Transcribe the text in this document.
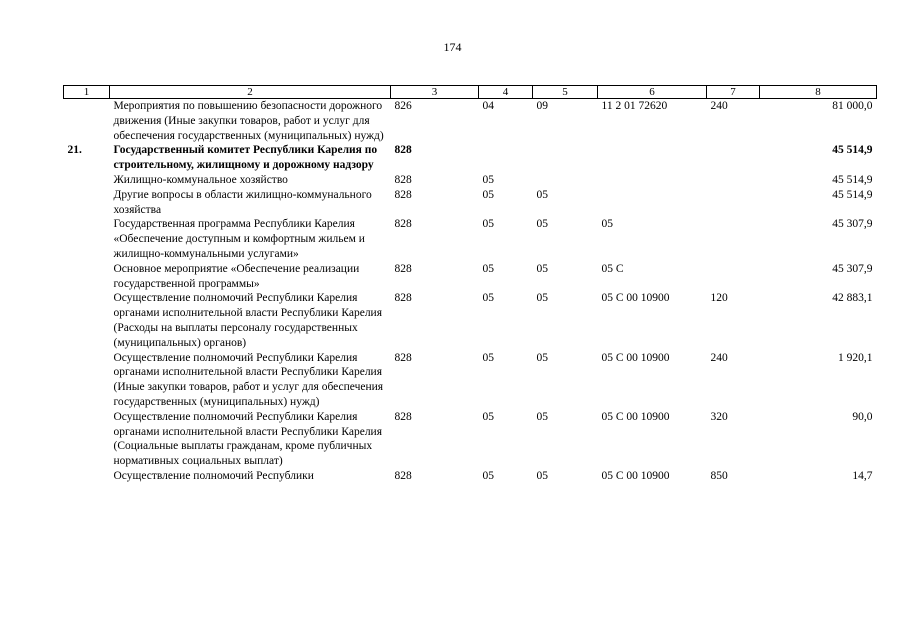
174
1	2	3	4	5	6	7	8
	Мероприятия по повышению безопасности дорожного движения (Иные закупки товаров, работ и услуг для обеспечения государственных (муниципальных) нужд)	826	04	09	11 2 01 72620	240	81 000,0
21.	Государственный комитет Республики Карелия по строительному, жилищному и дорожному надзору	828					45 514,9
	Жилищно-коммунальное хозяйство	828	05				45 514,9
	Другие вопросы в области жилищно-коммунального хозяйства	828	05	05			45 514,9
	Государственная программа Республики Карелия «Обеспечение доступным и комфортным жильем и жилищно-коммунальными услугами»	828	05	05	05		45 307,9
	Основное мероприятие «Обеспечение реализации государственной программы»	828	05	05	05 С		45 307,9
	Осуществление полномочий Республики Карелия органами исполнительной власти Республики Карелия (Расходы на выплаты персоналу государственных (муниципальных) органов)	828	05	05	05 С 00 10900	120	42 883,1
	Осуществление полномочий Республики Карелия органами исполнительной власти Республики Карелия (Иные закупки товаров, работ и услуг для обеспечения государственных (муниципальных) нужд)	828	05	05	05 С 00 10900	240	1 920,1
	Осуществление полномочий Республики Карелия органами исполнительной власти Республики Карелия (Социальные выплаты гражданам, кроме публичных нормативных социальных выплат)	828	05	05	05 С 00 10900	320	90,0
	Осуществление полномочий Республики	828	05	05	05 С 00 10900	850	14,7
